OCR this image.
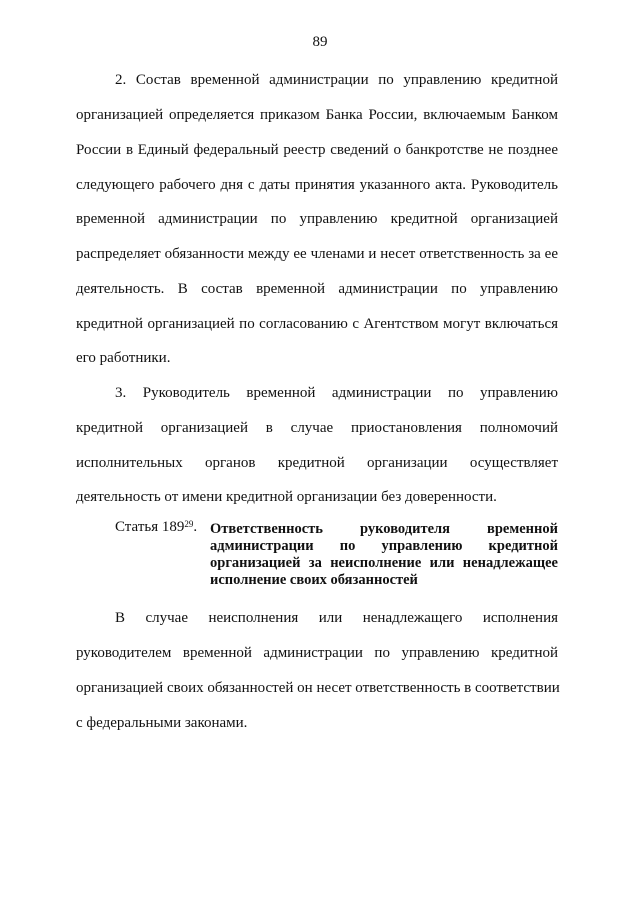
89
2. Состав временной администрации по управлению кредитной
организацией определяется приказом Банка России, включаемым Банком
России в Единый федеральный реестр сведений о банкротстве не позднее
следующего рабочего дня с даты принятия указанного акта. Руководитель
временной администрации по управлению кредитной организацией
распределяет обязанности между ее членами и несет ответственность за ее
деятельность. В состав временной администрации по управлению
кредитной организацией по согласованию с Агентством могут включаться
его работники.
3. Руководитель временной администрации по управлению
кредитной организацией в случае приостановления полномочий
исполнительных органов кредитной организации осуществляет
деятельность от имени кредитной организации без доверенности.
Статья $189^{29}$. Ответственность руководителя временной
администрации по управлению кредитной
организацией за неисполнение или ненадлежащее
исполнение своих обязанностей
В случае неисполнения или ненадлежащего исполнения
руководителем временной администрации по управлению кредитной
организацией своих обязанностей он несет ответственность в соответствии
с федеральными законами.
